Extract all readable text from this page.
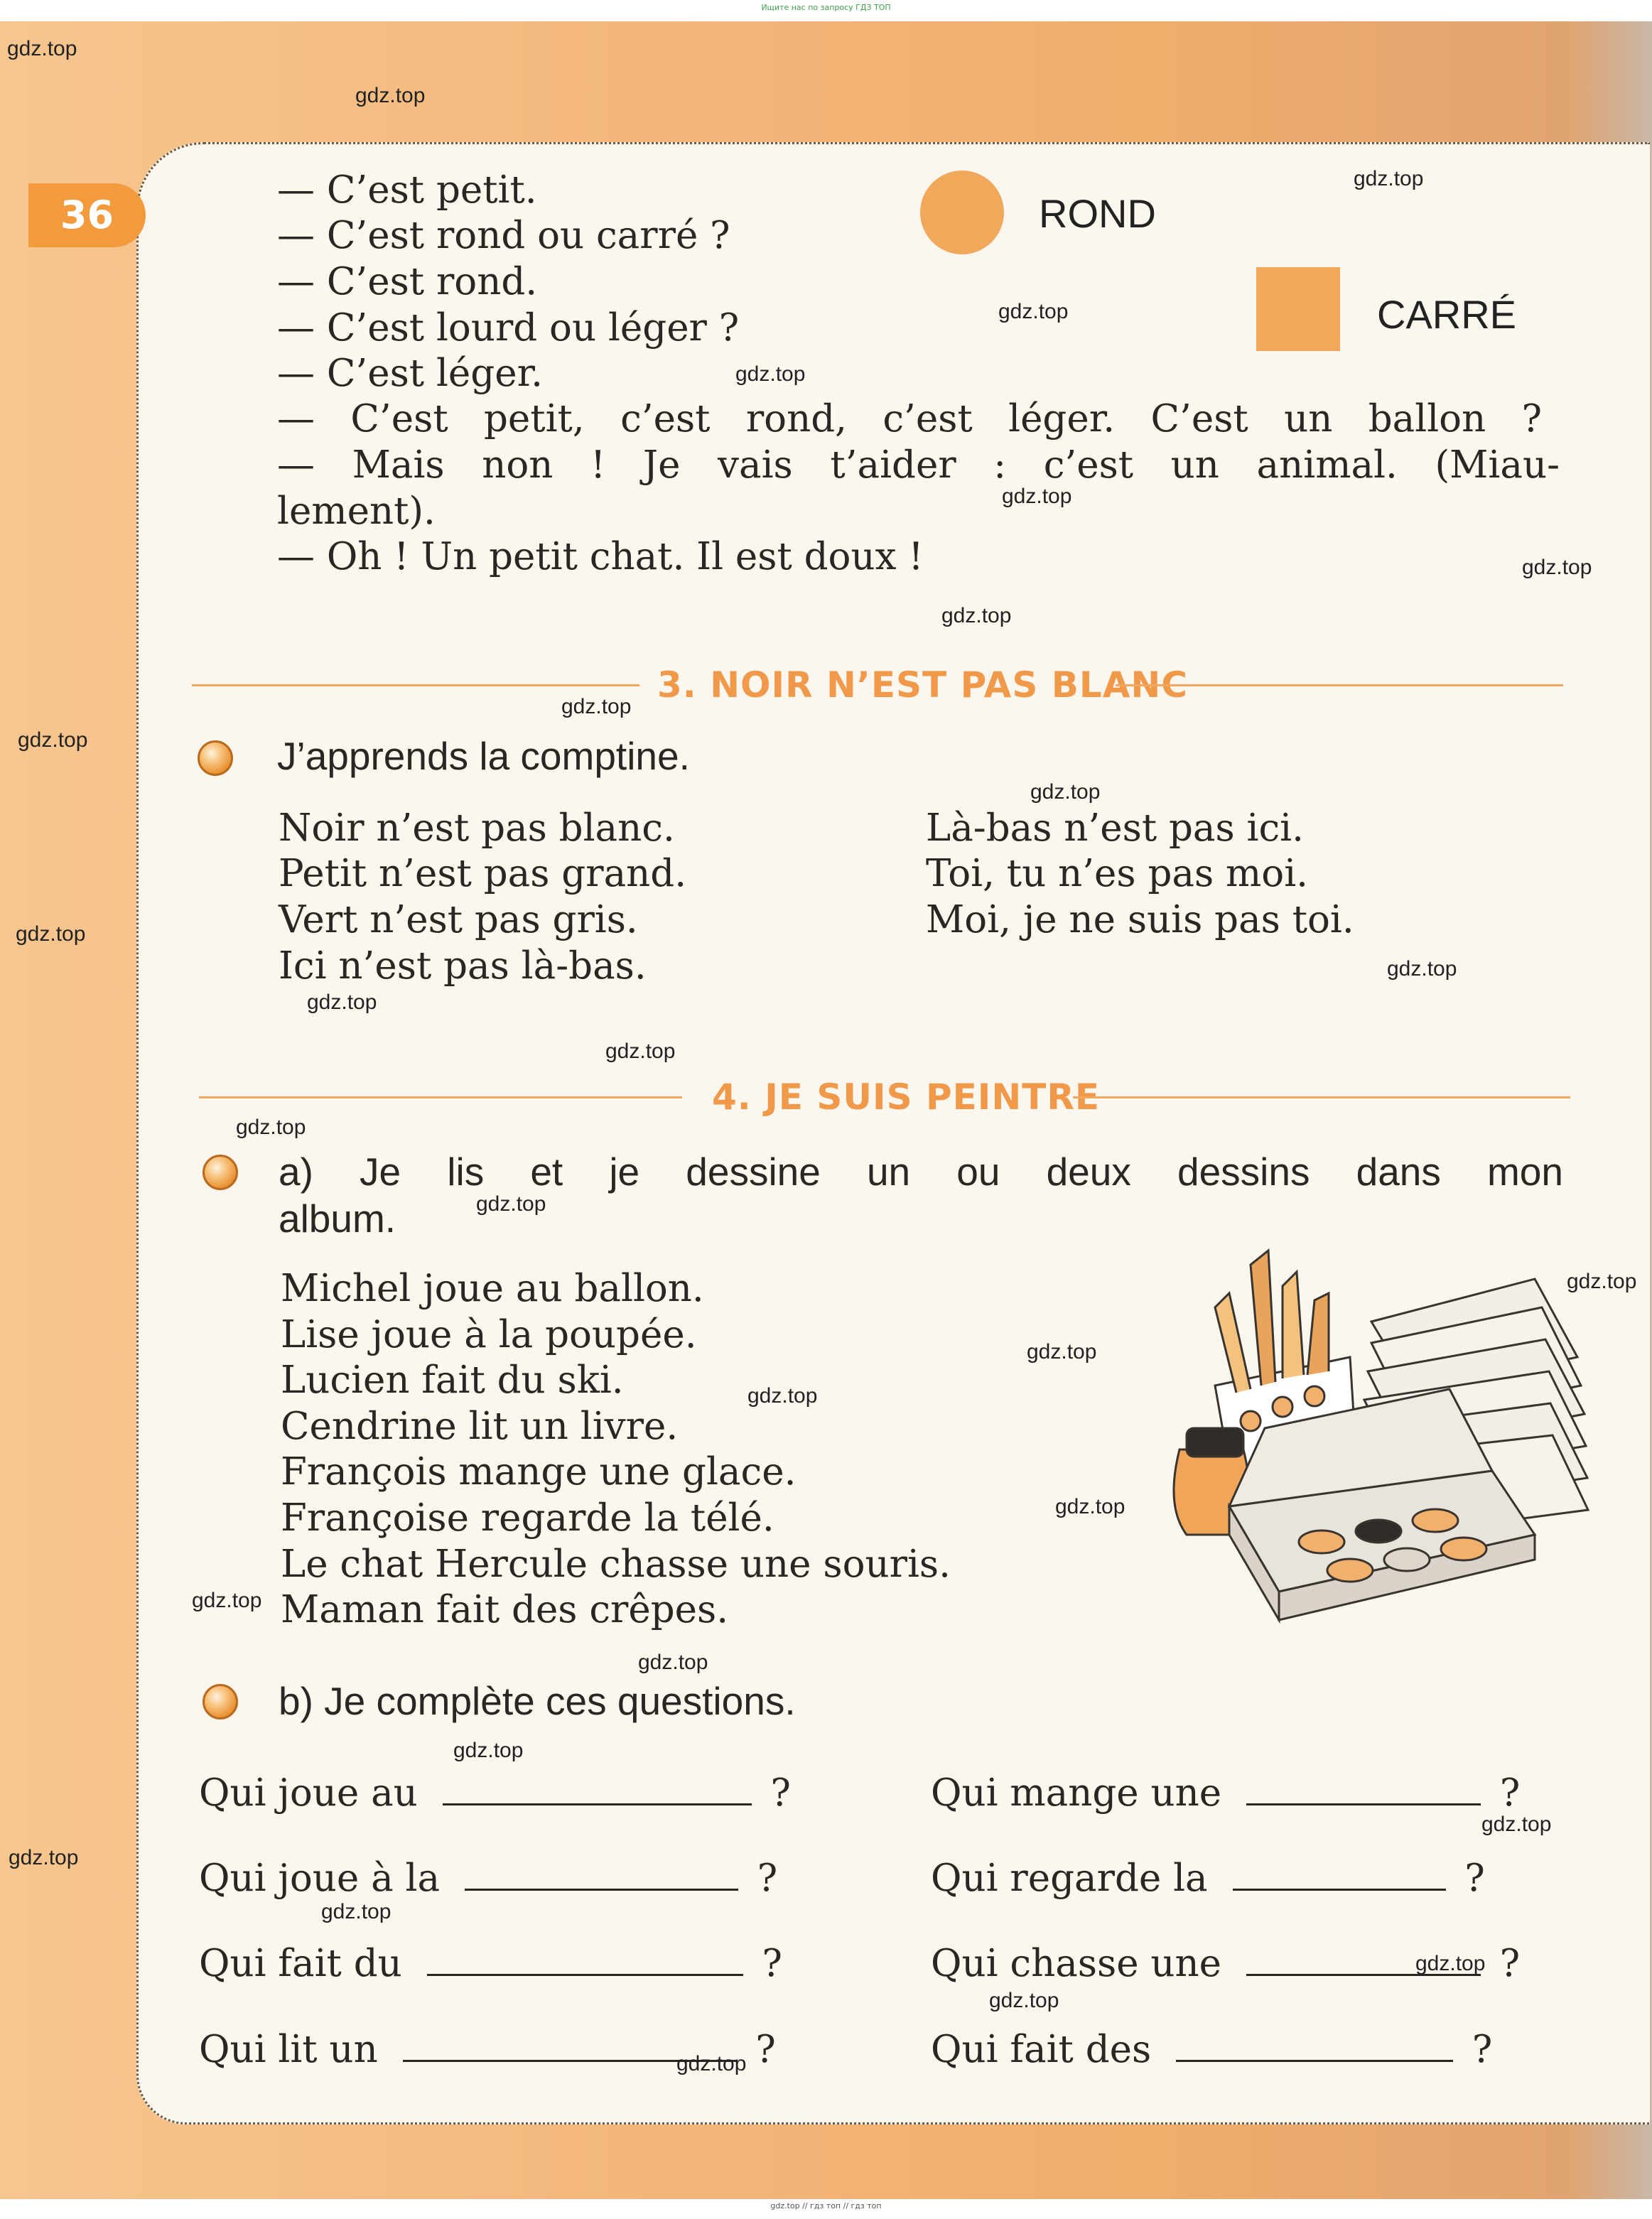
Ищите нас по запросу ГДЗ ТОП
36
— C’est petit.
— C’est rond ou carré ?
— C’est rond.
— C’est lourd ou léger ?
— C’est léger.
— C’est petit, c’est rond, c’est léger. C’est un ballon ?
— Mais non ! Je vais t’aider : c’est un animal. (Miau-
lement).
— Oh ! Un petit chat. Il est doux !
ROND
CARRÉ
3. NOIR N’EST PAS BLANC
J’apprends la comptine.
Noir n’est pas blanc.
Petit n’est pas grand.
Vert n’est pas gris.
Ici n’est pas là-bas.
Là-bas n’est pas ici.
Toi, tu n’es pas moi.
Moi, je ne suis pas toi.
4. JE SUIS PEINTRE
a) Je lis et je dessine un ou deux dessins dans mon
album.
Michel joue au ballon.
Lise joue à la poupée.
Lucien fait du ski.
Cendrine lit un livre.
François mange une glace.
Françoise regarde la télé.
Le chat Hercule chasse une souris.
Maman fait des crêpes.
b) Je complète ces questions.
Qui joue au	?
Qui joue à la	?
Qui fait du	?
Qui lit un	?
Qui mange une	?
Qui regarde la	?
Qui chasse une	?
Qui fait des	?
gdz.top
gdz.top
gdz.top
gdz.top
gdz.top
gdz.top
gdz.top
gdz.top
gdz.top
gdz.top
gdz.top
gdz.top
gdz.top
gdz.top
gdz.top
gdz.top
gdz.top
gdz.top
gdz.top
gdz.top
gdz.top
gdz.top
gdz.top
gdz.top
gdz.top
gdz.top
gdz.top
gdz.top
gdz.top
gdz.top
gdz.top // гдз топ // гдз топ
